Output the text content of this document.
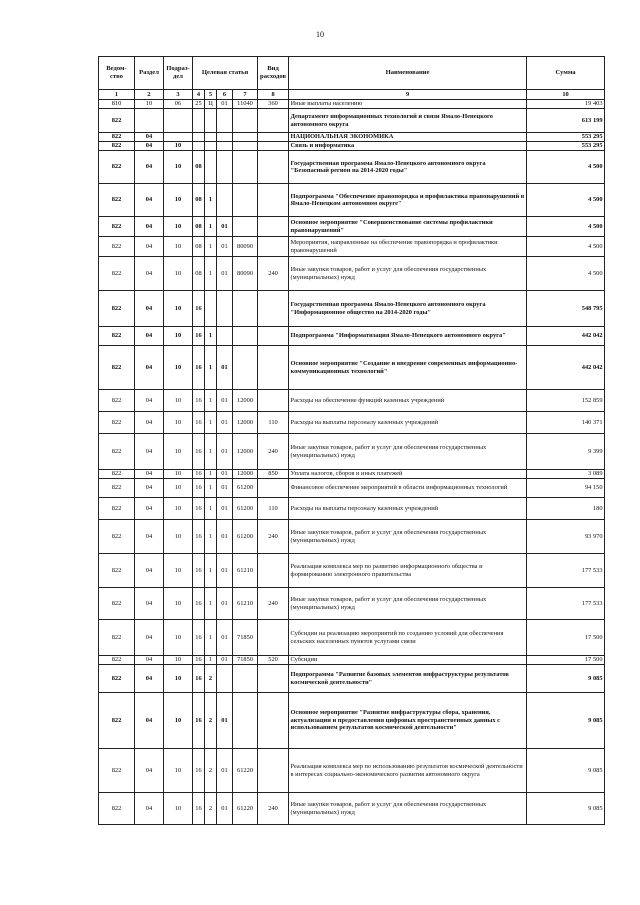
10
Ведом-ство	Раздел	Подраз-дел	Целевая статья				Вид расходов	Наименование	Сумма
1	2	3	4	5	6	7	8	9	10
810	10	06	25	Ц	01	11040	360	Иные выплаты населению	19 403
822								Департамент информационных технологий и связи Ямало-Ненецкого автономного округа	613 199
822	04							НАЦИОНАЛЬНАЯ ЭКОНОМИКА	553 295
822	04	10						Связь и информатика	553 295
822	04	10	08					Государственная программа Ямало-Ненецкого автономного округа "Безопасный регион на 2014-2020 годы"	4 500
822	04	10	08	1				Подпрограмма "Обеспечение правопорядка и профилактика правонарушений в Ямало-Ненецком автономном округе"	4 500
822	04	10	08	1	01			Основное мероприятие "Совершенствование системы профилактики правонарушений"	4 500
822	04	10	08	1	01	80090		Мероприятия, направленные на обеспечение правопорядка и профилактики правонарушений	4 500
822	04	10	08	1	01	80090	240	Иные закупки товаров, работ и услуг для обеспечения государственных (муниципальных) нужд	4 500
822	04	10	16					Государственная программа Ямало-Ненецкого автономного округа "Информационное общество на 2014-2020 годы"	548 795
822	04	10	16	1				Подпрограмма "Информатизация Ямало-Ненецкого автономного округа"	442 042
822	04	10	16	1	01			Основное мероприятие "Создание и внедрение современных информационно-коммуникационных технологий"	442 042
822	04	10	16	1	01	12000		Расходы на обеспечение функций казенных учреждений	152 859
822	04	10	16	1	01	12000	110	Расходы на выплаты персоналу казенных учреждений	140 371
822	04	10	16	1	01	12000	240	Иные закупки товаров, работ и услуг для обеспечения государственных (муниципальных) нужд	9 399
822	04	10	16	1	01	12000	850	Уплата налогов, сборов и иных платежей	3 089
822	04	10	16	1	01	61200		Финансовое обеспечение мероприятий в области информационных технологий	94 150
822	04	10	16	1	01	61200	110	Расходы на выплаты персоналу казенных учреждений	180
822	04	10	16	1	01	61200	240	Иные закупки товаров, работ и услуг для обеспечения государственных (муниципальных) нужд	93 970
822	04	10	16	1	01	61210		Реализация комплекса мер по развитию информационного общества и формированию электронного правительства	177 533
822	04	10	16	1	01	61210	240	Иные закупки товаров, работ и услуг для обеспечения государственных (муниципальных) нужд	177 533
822	04	10	16	1	01	71850		Субсидии на реализацию мероприятий по созданию условий для обеспечения сельских населенных пунктов услугами связи	17 500
822	04	10	16	1	01	71850	520	Субсидии	17 500
822	04	10	16	2				Подпрограмма "Развитие базовых элементов инфраструктуры результатов космической деятельности"	9 085
822	04	10	16	2	01			Основное мероприятие "Развитие инфраструктуры сбора, хранения, актуализации и предоставления цифровых пространственных данных с использованием результатов космической деятельности"	9 085
822	04	10	16	2	01	61220		Реализация комплекса мер по использованию результатов космической деятельности в интересах социально-экономического развития автономного округа	9 085
822	04	10	16	2	01	61220	240	Иные закупки товаров, работ и услуг для обеспечения государственных (муниципальных) нужд	9 085
